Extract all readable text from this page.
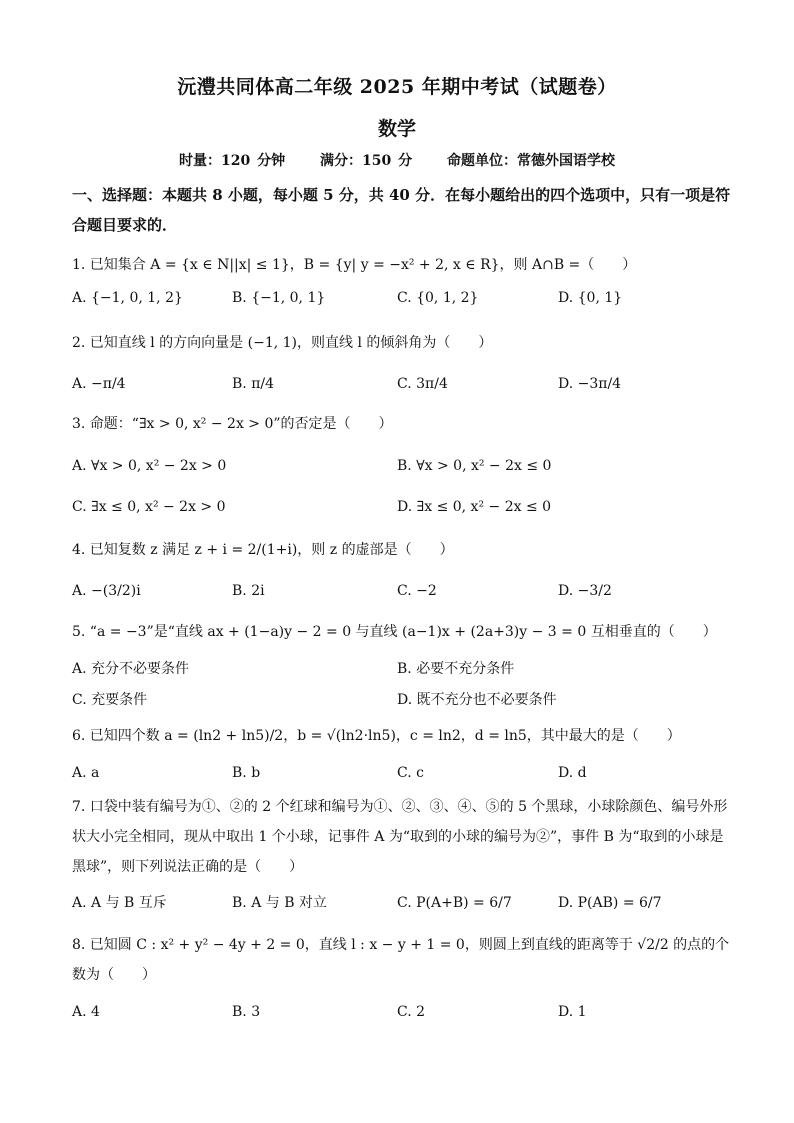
沅澧共同体高二年级 2025 年期中考试（试题卷）
数学
时量：120 分钟 满分：150 分 命题单位：常德外国语学校
一、选择题：本题共 8 小题，每小题 5 分，共 40 分．在每小题给出的四个选项中，只有一项是符合题目要求的．
1. 已知集合 A = {x ∈ N||x| ≤ 1}，B = {y| y = −x² + 2, x ∈ R}，则 A∩B =（　　）
A. {−1, 0, 1, 2}	B. {−1, 0, 1}	C. {0, 1, 2}	D. {0, 1}
2. 已知直线 l 的方向向量是 (−1, 1)，则直线 l 的倾斜角为（　　）
A. −π/4	B. π/4	C. 3π/4	D. −3π/4
3. 命题：“∃x > 0, x² − 2x > 0”的否定是（　　）
A. ∀x > 0, x² − 2x > 0	B. ∀x > 0, x² − 2x ≤ 0
C. ∃x ≤ 0, x² − 2x > 0	D. ∃x ≤ 0, x² − 2x ≤ 0
4. 已知复数 z 满足 z + i = 2/(1+i)，则 z 的虚部是（　　）
A. −(3/2)i	B. 2i	C. −2	D. −3/2
5. “a = −3”是“直线 ax + (1−a)y − 2 = 0 与直线 (a−1)x + (2a+3)y − 3 = 0 互相垂直的（　　）
A. 充分不必要条件	B. 必要不充分条件
C. 充要条件	D. 既不充分也不必要条件
6. 已知四个数 a = (ln2 + ln5)/2，b = √(ln2·ln5)，c = ln2，d = ln5，其中最大的是（　　）
A. a	B. b	C. c	D. d
7. 口袋中装有编号为①、②的 2 个红球和编号为①、②、③、④、⑤的 5 个黑球，小球除颜色、编号外形状大小完全相同，现从中取出 1 个小球，记事件 A 为“取到的小球的编号为②”，事件 B 为“取到的小球是黑球”，则下列说法正确的是（　　）
A. A 与 B 互斥	B. A 与 B 对立	C. P(A+B) = 6/7	D. P(AB) = 6/7
8. 已知圆 C : x² + y² − 4y + 2 = 0，直线 l : x − y + 1 = 0，则圆上到直线的距离等于 √2/2 的点的个数为（　　）
A. 4	B. 3	C. 2	D. 1
